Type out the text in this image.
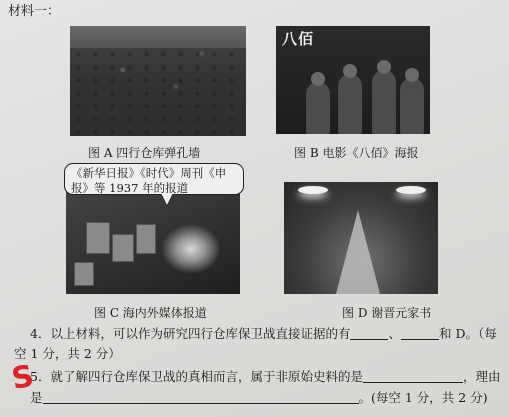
材料一：
图 A 四行仓库弹孔墙
八佰
图 B 电影《八佰》海报
图 C 海内外媒体报道
《新华日报》《时代》周刊《申报》等 1937 年的报道
图 D 谢晋元家书
4．以上材料，可以作为研究四行仓库保卫战直接证据的有	、	和 D。（每
空 1 分，共 2 分）
5．就了解四行仓库保卫战的真相而言，属于非原始史料的是	，理由
是	。(每空 1 分，共 2 分)
S
